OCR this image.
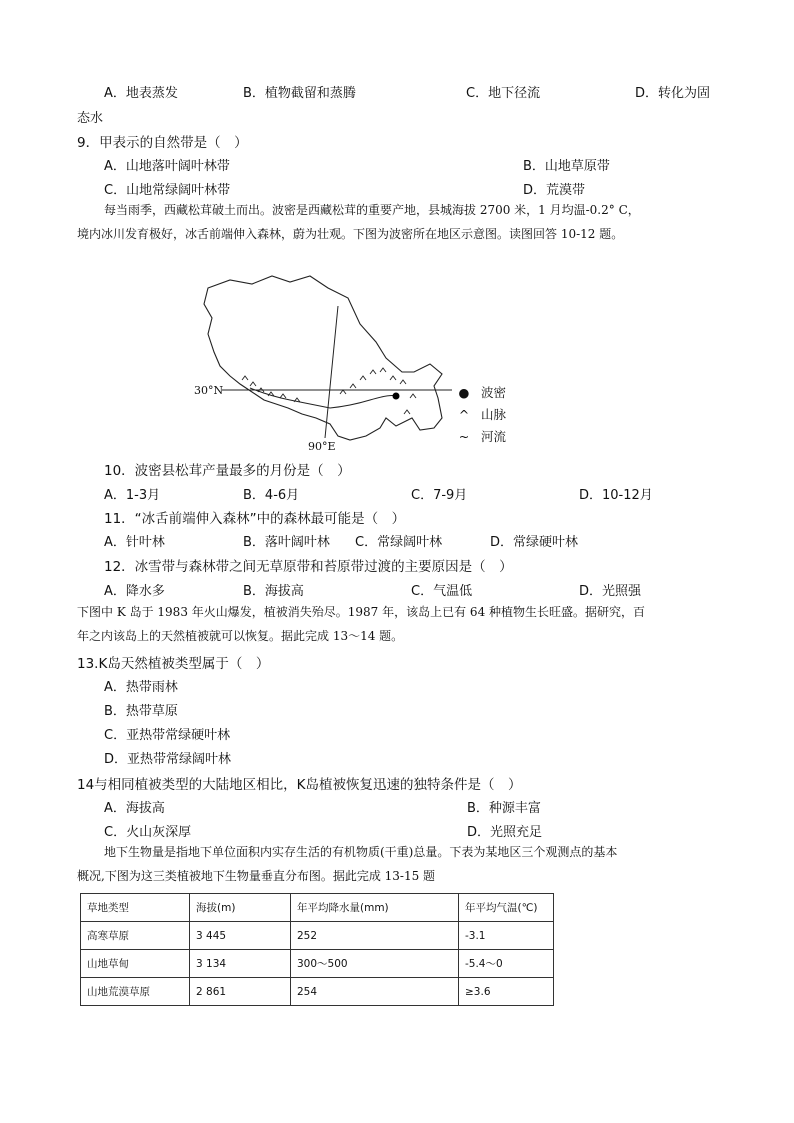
A．地表蒸发	B．植物截留和蒸腾	C．地下径流	D．转化为固
态水
9．甲表示的自然带是（　）
A．山地落叶阔叶林带	B．山地草原带
C．山地常绿阔叶林带	D．荒漠带
每当雨季，西藏松茸破土而出。波密是西藏松茸的重要产地，县城海拔 2700 米，1 月均温-0.2° C，
境内冰川发育极好，冰舌前端伸入森林，蔚为壮观。下图为波密所在地区示意图。读图回答 10-12 题。
30°N
90°E
● 波密
^ 山脉
~ 河流
10．波密县松茸产量最多的月份是（　）
A．1-3月	B．4-6月	C．7-9月	D．10-12月
11．“冰舌前端伸入森林”中的森林最可能是（　）
A．针叶林	B．落叶阔叶林 C．常绿阔叶林	D．常绿硬叶林
12．冰雪带与森林带之间无草原带和苔原带过渡的主要原因是（　）
A．降水多	B．海拔高	C．气温低	D．光照强
下图中 K 岛于 1983 年火山爆发，植被消失殆尽。1987 年，该岛上已有 64 种植物生长旺盛。据研究，百
年之内该岛上的天然植被就可以恢复。据此完成 13～14 题。
13.K岛天然植被类型属于（　）
A．热带雨林
B．热带草原
C．亚热带常绿硬叶林
D．亚热带常绿阔叶林
14与相同植被类型的大陆地区相比，K岛植被恢复迅速的独特条件是（　）
A．海拔高	B．种源丰富
C．火山灰深厚	D．光照充足
地下生物量是指地下单位面积内实存生活的有机物质(干重)总量。下表为某地区三个观测点的基本
概况,下图为这三类植被地下生物量垂直分布图。据此完成 13-15 题
草地类型	海拔(m)	年平均降水量(mm)	年平均气温(℃)
高寒草原	3 445	252	-3.1
山地草甸	3 134	300～500	-5.4～0
山地荒漠草原	2 861	254	≥3.6
